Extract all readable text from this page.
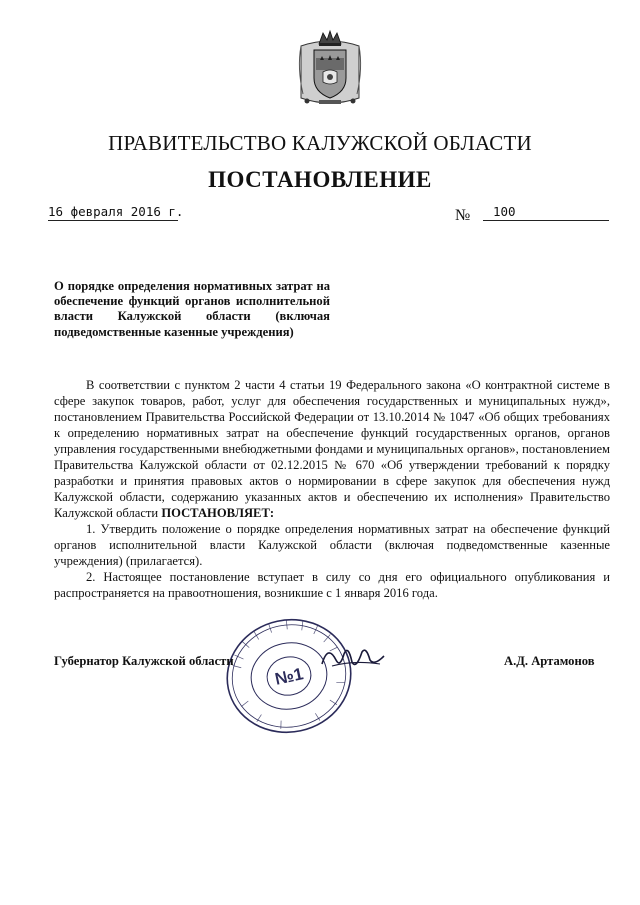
ПРАВИТЕЛЬСТВО КАЛУЖСКОЙ ОБЛАСТИ
ПОСТАНОВЛЕНИЕ
16 февраля 2016 г.	№	100
О порядке определения нормативных затрат на обеспечение функций органов исполнительной власти Калужской области (включая подведомственные казенные учреждения)

В соответствии с пунктом 2 части 4 статьи 19 Федерального закона «О контрактной системе в сфере закупок товаров, работ, услуг для обеспечения государственных и муниципальных нужд», постановлением Правительства Российской Федерации от 13.10.2014 № 1047 «Об общих требованиях к определению нормативных затрат на обеспечение функций государственных органов, органов управления государственными внебюджетными фондами и муниципальных органов», постановлением Правительства Калужской области от 02.12.2015 № 670 «Об утверждении требований к порядку разработки и принятия правовых актов о нормировании в сфере закупок для обеспечения нужд Калужской области, содержанию указанных актов и обеспечению их исполнения» Правительство Калужской области ПОСТАНОВЛЯЕТ:

1. Утвердить положение о порядке определения нормативных затрат на обеспечение функций органов исполнительной власти Калужской области (включая подведомственные казенные учреждения) (прилагается).

2. Настоящее постановление вступает в силу со дня его официального опубликования и распространяется на правоотношения, возникшие с 1 января 2016 года.

№1
Губернатор Калужской области	А.Д. Артамонов
